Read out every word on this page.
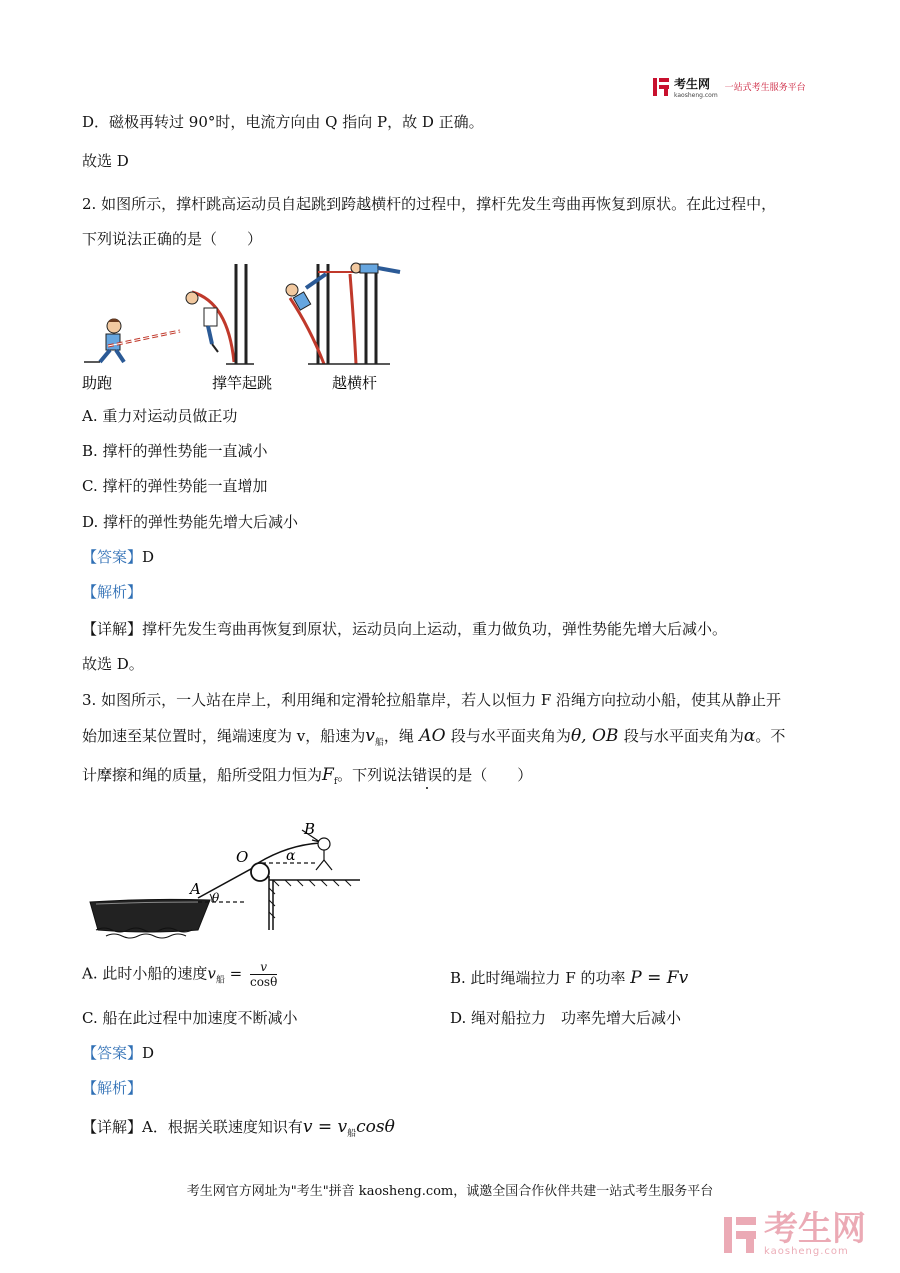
考生网
kaosheng.com
一站式考生服务平台
D．磁极再转过 90°时，电流方向由 Q 指向 P，故 D 正确。
故选 D
2. 如图所示，撑杆跳高运动员自起跳到跨越横杆的过程中，撑杆先发生弯曲再恢复到原状。在此过程中，
下列说法正确的是（　　）
助跑	撑竿起跳	越横杆
A. 重力对运动员做正功
B. 撑杆的弹性势能一直减小
C. 撑杆的弹性势能一直增加
D. 撑杆的弹性势能先增大后减小
【答案】D
【解析】
【详解】撑杆先发生弯曲再恢复到原状，运动员向上运动，重力做负功，弹性势能先增大后减小。
故选 D。
3. 如图所示，一人站在岸上，利用绳和定滑轮拉船靠岸，若人以恒力 F 沿绳方向拉动小船，使其从静止开
始加速至某位置时，绳端速度为 v，船速为$v_船$，绳 AO 段与水平面夹角为θ, OB 段与水平面夹角为α。不
计摩擦和绳的质量，船所受阻力恒为$F_f$。下列说法错误的是（　　）
A
O
B
θ
α
A. 此时小船的速度$v_船 = \frac{v}{\cos\theta}$	B. 此时绳端拉力 F 的功率 P = Fv
C. 船在此过程中加速度不断减小	D. 绳对船拉力　功率先增大后减小
【答案】D
【解析】
【详解】A．根据关联速度知识有$v = v_船\cos\theta$
考生网官方网址为"考生"拼音 kaosheng.com，诚邀全国合作伙伴共建一站式考生服务平台
考生网
kaosheng.com
